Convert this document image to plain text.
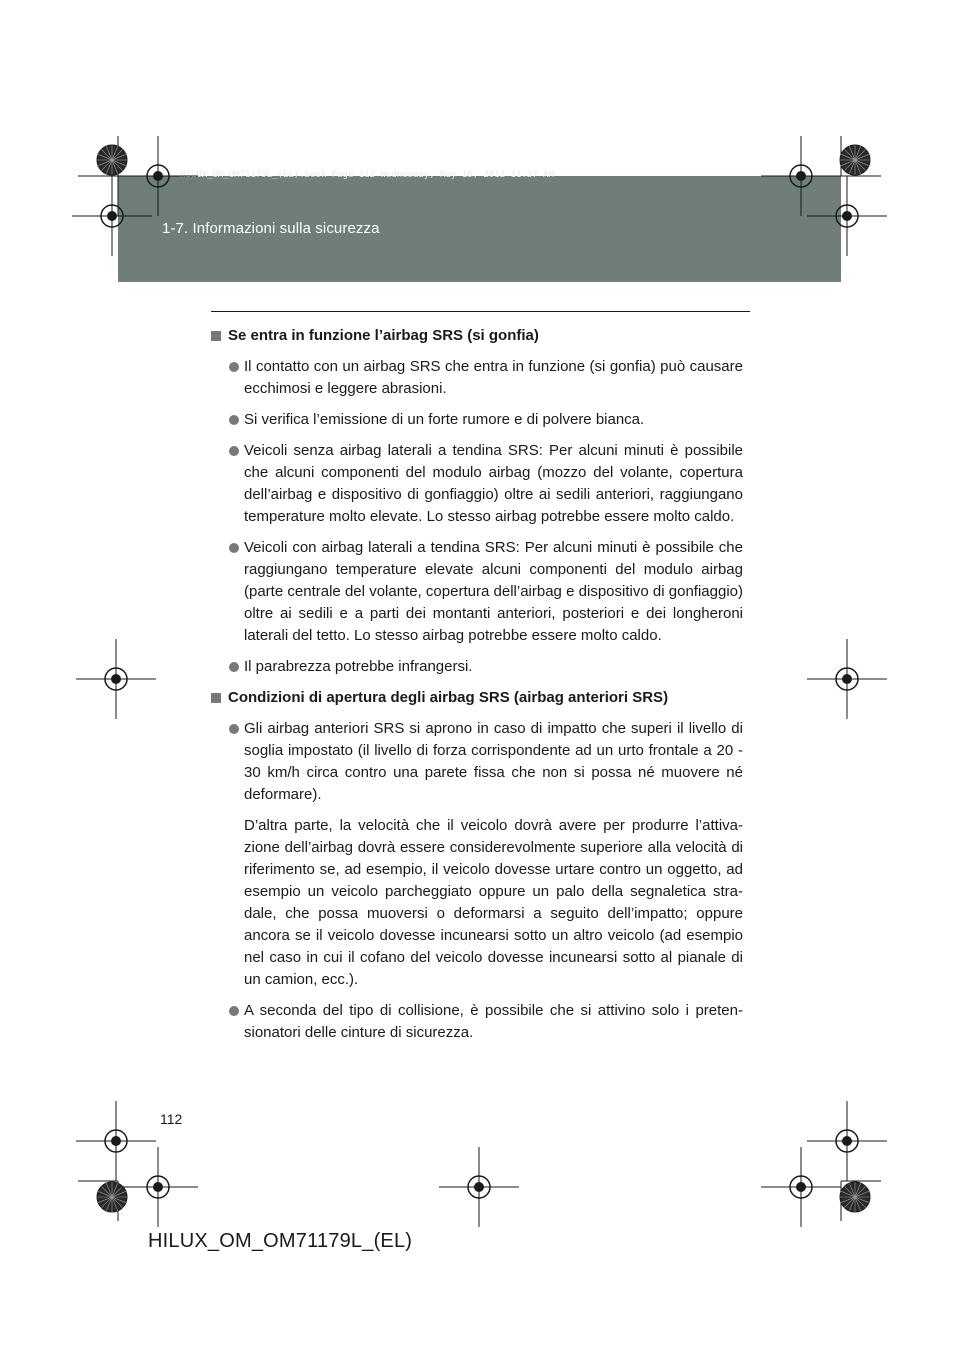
HILUX_OM_OM71179L_(EL).book Page 112 Wednesday, May 16, 2012 11:37 AM
1-7. Informazioni sulla sicurezza

Se entra in funzione l’airbag SRS (si gonfia)

Il contatto con un airbag SRS che entra in funzione (si gonfia) può causare ecchimosi e leggere abrasioni.

Si verifica l’emissione di un forte rumore e di polvere bianca.

Veicoli senza airbag laterali a tendina SRS: Per alcuni minuti è possibile che alcuni componenti del modulo airbag (mozzo del volante, copertura dell’airbag e dispositivo di gonfiaggio) oltre ai sedili anteriori, raggiungano temperature molto elevate. Lo stesso airbag potrebbe essere molto caldo.

Veicoli con airbag laterali a tendina SRS: Per alcuni minuti è possibile che raggiungano temperature elevate alcuni componenti del modulo airbag (parte centrale del volante, copertura dell’airbag e dispositivo di gonfiaggio) oltre ai sedili e a parti dei montanti anteriori, posteriori e dei longheroni laterali del tetto. Lo stesso airbag potrebbe essere molto caldo.

Il parabrezza potrebbe infrangersi.

Condizioni di apertura degli airbag SRS (airbag anteriori SRS)

Gli airbag anteriori SRS si aprono in caso di impatto che superi il livello di soglia impostato (il livello di forza corrispondente ad un urto frontale a 20 - 30 km/h circa contro una parete fissa che non si possa né muovere né deformare).

D’altra parte, la velocità che il veicolo dovrà avere per produrre l’attivazione dell’airbag dovrà essere considerevolmente superiore alla velocità di riferimento se, ad esempio, il veicolo dovesse urtare contro un oggetto, ad esempio un veicolo parcheggiato oppure un palo della segnaletica stradale, che possa muoversi o deformarsi a seguito dell’impatto; oppure ancora se il veicolo dovesse incunearsi sotto un altro veicolo (ad esempio nel caso in cui il cofano del veicolo dovesse incunearsi sotto al pianale di un camion, ecc.).

A seconda del tipo di collisione, è possibile che si attivino solo i pretensionatori delle cinture di sicurezza.

112
HILUX_OM_OM71179L_(EL)
